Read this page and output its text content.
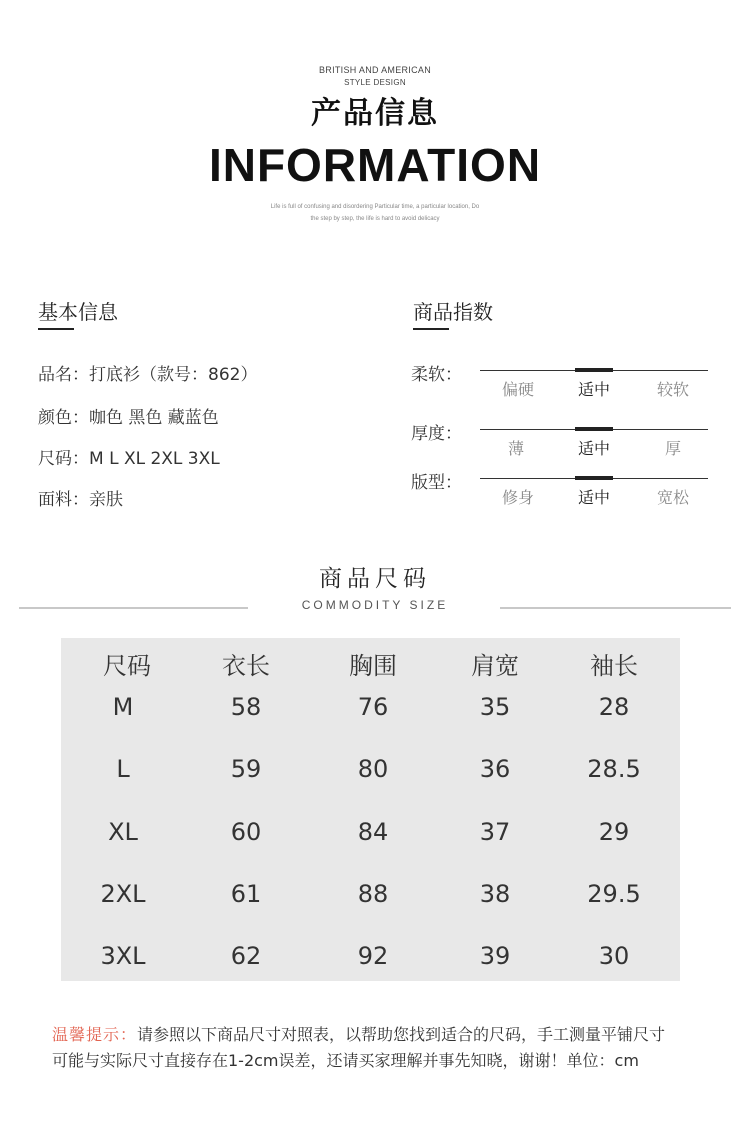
BRITISH AND AMERICAN
STYLE DESIGN
产品信息
INFORMATION
Life is full of confusing and disordering Particular time, a particular location, Do
the step by step, the life is hard to avoid delicacy
基本信息
品名：打底衫（款号：862）
颜色：咖色 黑色 藏蓝色
尺码：M L XL 2XL 3XL
面料：亲肤
商品指数
柔软：
偏硬	适中	较软
厚度：
薄	适中	厚
版型：
修身	适中	宽松
商品尺码
COMMODITY SIZE
尺码	衣长	胸围	肩宽	袖长
M	58	76	35	28
L	59	80	36	28.5
XL	60	84	37	29
2XL	61	88	38	29.5
3XL	62	92	39	30
温馨提示：请参照以下商品尺寸对照表，以帮助您找到适合的尺码，手工测量平铺尺寸可能与实际尺寸直接存在1-2cm误差，还请买家理解并事先知晓，谢谢！单位：cm
